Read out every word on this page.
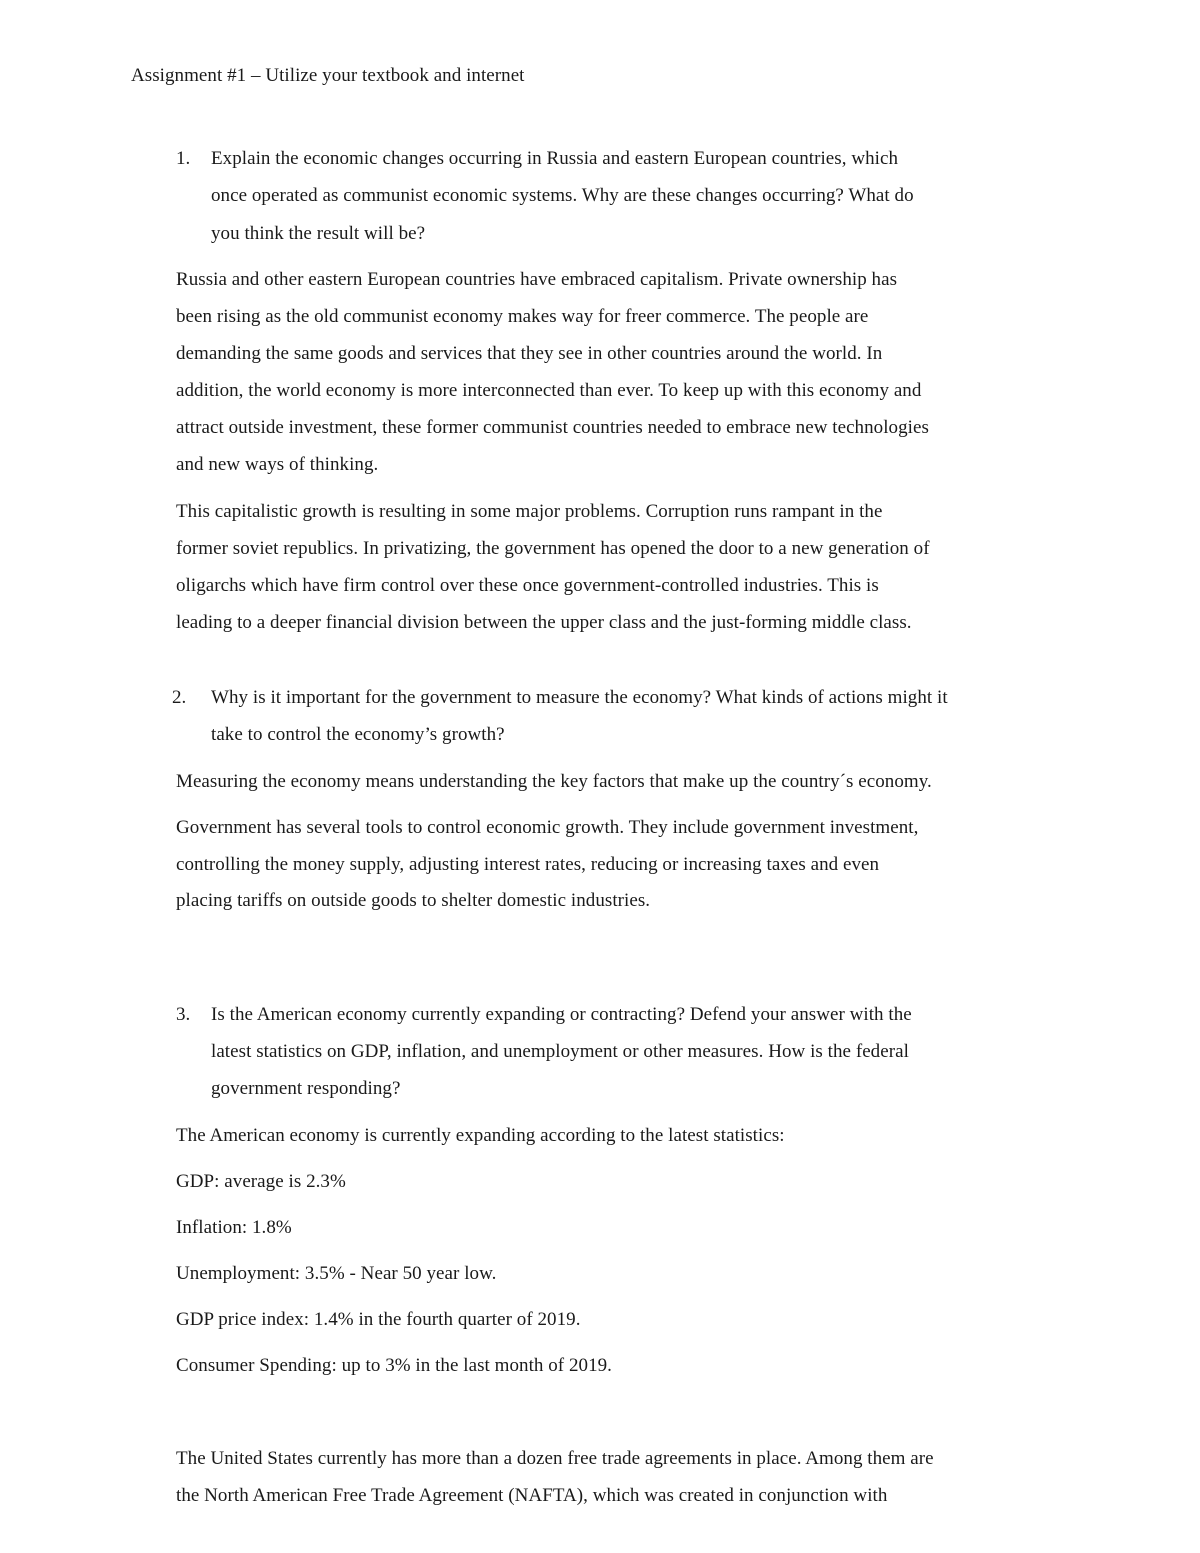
Assignment #1 – Utilize your textbook and internet
1. Explain the economic changes occurring in Russia and eastern European countries, which
once operated as communist economic systems. Why are these changes occurring? What do
you think the result will be?
Russia and other eastern European countries have embraced capitalism. Private ownership has
been rising as the old communist economy makes way for freer commerce. The people are
demanding the same goods and services that they see in other countries around the world. In
addition, the world economy is more interconnected than ever. To keep up with this economy and
attract outside investment, these former communist countries needed to embrace new technologies
and new ways of thinking.
This capitalistic growth is resulting in some major problems. Corruption runs rampant in the
former soviet republics. In privatizing, the government has opened the door to a new generation of
oligarchs which have firm control over these once government-controlled industries. This is
leading to a deeper financial division between the upper class and the just-forming middle class.
2. Why is it important for the government to measure the economy? What kinds of actions might it
take to control the economy’s growth?
Measuring the economy means understanding the key factors that make up the country´s economy.
Government has several tools to control economic growth. They include government investment,
controlling the money supply, adjusting interest rates, reducing or increasing taxes and even
placing tariffs on outside goods to shelter domestic industries.
3. Is the American economy currently expanding or contracting? Defend your answer with the
latest statistics on GDP, inflation, and unemployment or other measures. How is the federal
government responding?
The American economy is currently expanding according to the latest statistics:
GDP: average is 2.3%
Inflation: 1.8%
Unemployment: 3.5% - Near 50 year low.
GDP price index: 1.4% in the fourth quarter of 2019.
Consumer Spending: up to 3% in the last month of 2019.
The United States currently has more than a dozen free trade agreements in place. Among them are
the North American Free Trade Agreement (NAFTA), which was created in conjunction with
